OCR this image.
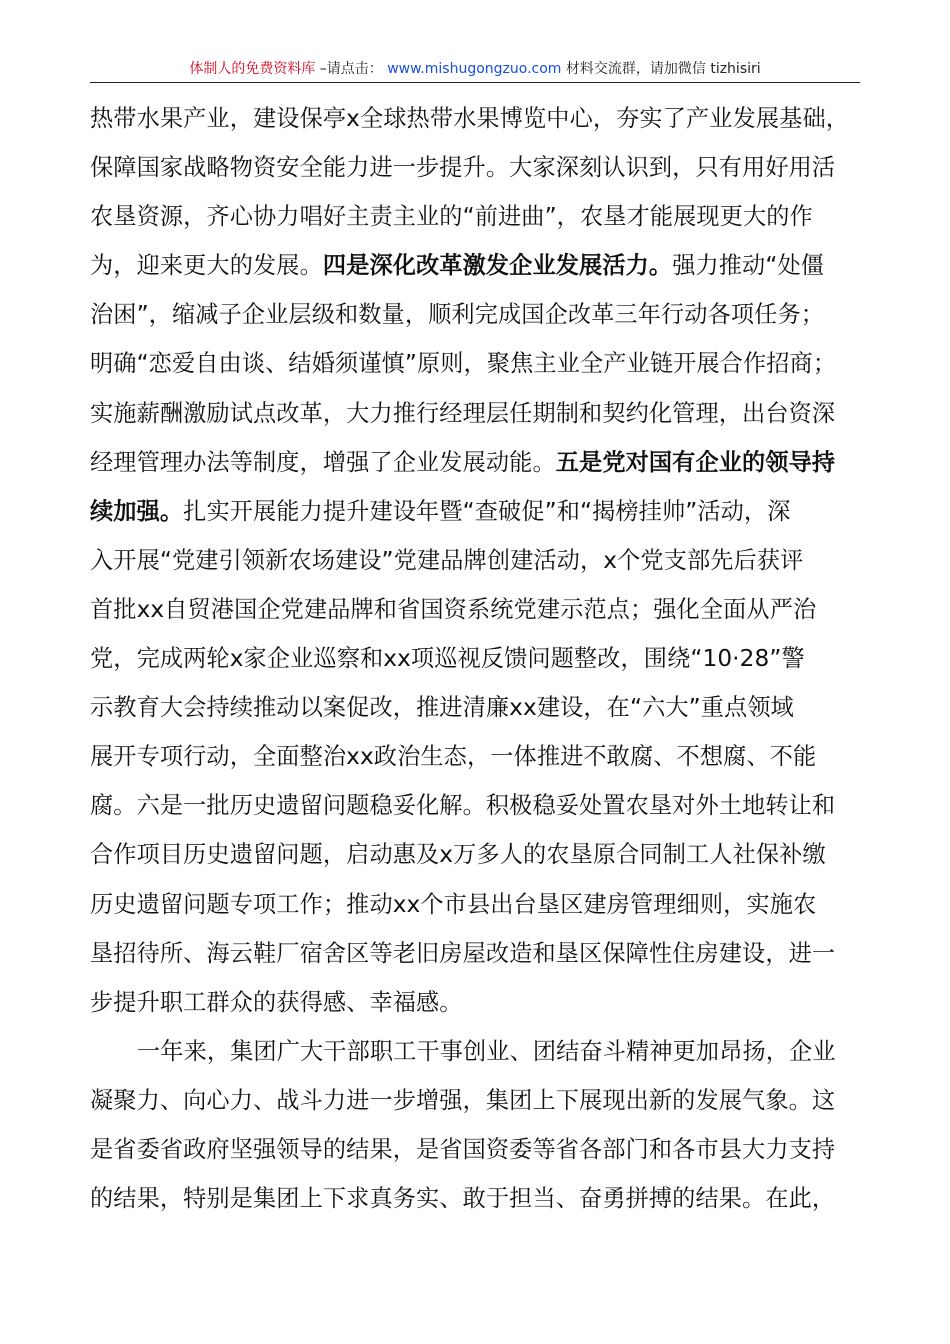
体制人的免费资料库 –请点击： www.mishugongzuo.com 材料交流群，请加微信 tizhisiri
热带水果产业，建设保亭x全球热带水果博览中心，夯实了产业发展基础，
保障国家战略物资安全能力进一步提升。大家深刻认识到，只有用好用活
农垦资源，齐心协力唱好主责主业的“前进曲”，农垦才能展现更大的作
为，迎来更大的发展。四是深化改革激发企业发展活力。强力推动“处僵
治困”，缩减子企业层级和数量，顺利完成国企改革三年行动各项任务；
明确“恋爱自由谈、结婚须谨慎”原则，聚焦主业全产业链开展合作招商；
实施薪酬激励试点改革，大力推行经理层任期制和契约化管理，出台资深
经理管理办法等制度，增强了企业发展动能。五是党对国有企业的领导持
续加强。扎实开展能力提升建设年暨“查破促”和“揭榜挂帅”活动，深
入开展“党建引领新农场建设”党建品牌创建活动，x个党支部先后获评
首批xx自贸港国企党建品牌和省国资系统党建示范点；强化全面从严治
党，完成两轮x家企业巡察和xx项巡视反馈问题整改，围绕“10·28”警
示教育大会持续推动以案促改，推进清廉xx建设，在“六大”重点领域
展开专项行动，全面整治xx政治生态，一体推进不敢腐、不想腐、不能
腐。六是一批历史遗留问题稳妥化解。积极稳妥处置农垦对外土地转让和
合作项目历史遗留问题，启动惠及x万多人的农垦原合同制工人社保补缴
历史遗留问题专项工作；推动xx个市县出台垦区建房管理细则，实施农
垦招待所、海云鞋厂宿舍区等老旧房屋改造和垦区保障性住房建设，进一
步提升职工群众的获得感、幸福感。
一年来，集团广大干部职工干事创业、团结奋斗精神更加昂扬，企业
凝聚力、向心力、战斗力进一步增强，集团上下展现出新的发展气象。这
是省委省政府坚强领导的结果，是省国资委等省各部门和各市县大力支持
的结果，特别是集团上下求真务实、敢于担当、奋勇拼搏的结果。在此，
